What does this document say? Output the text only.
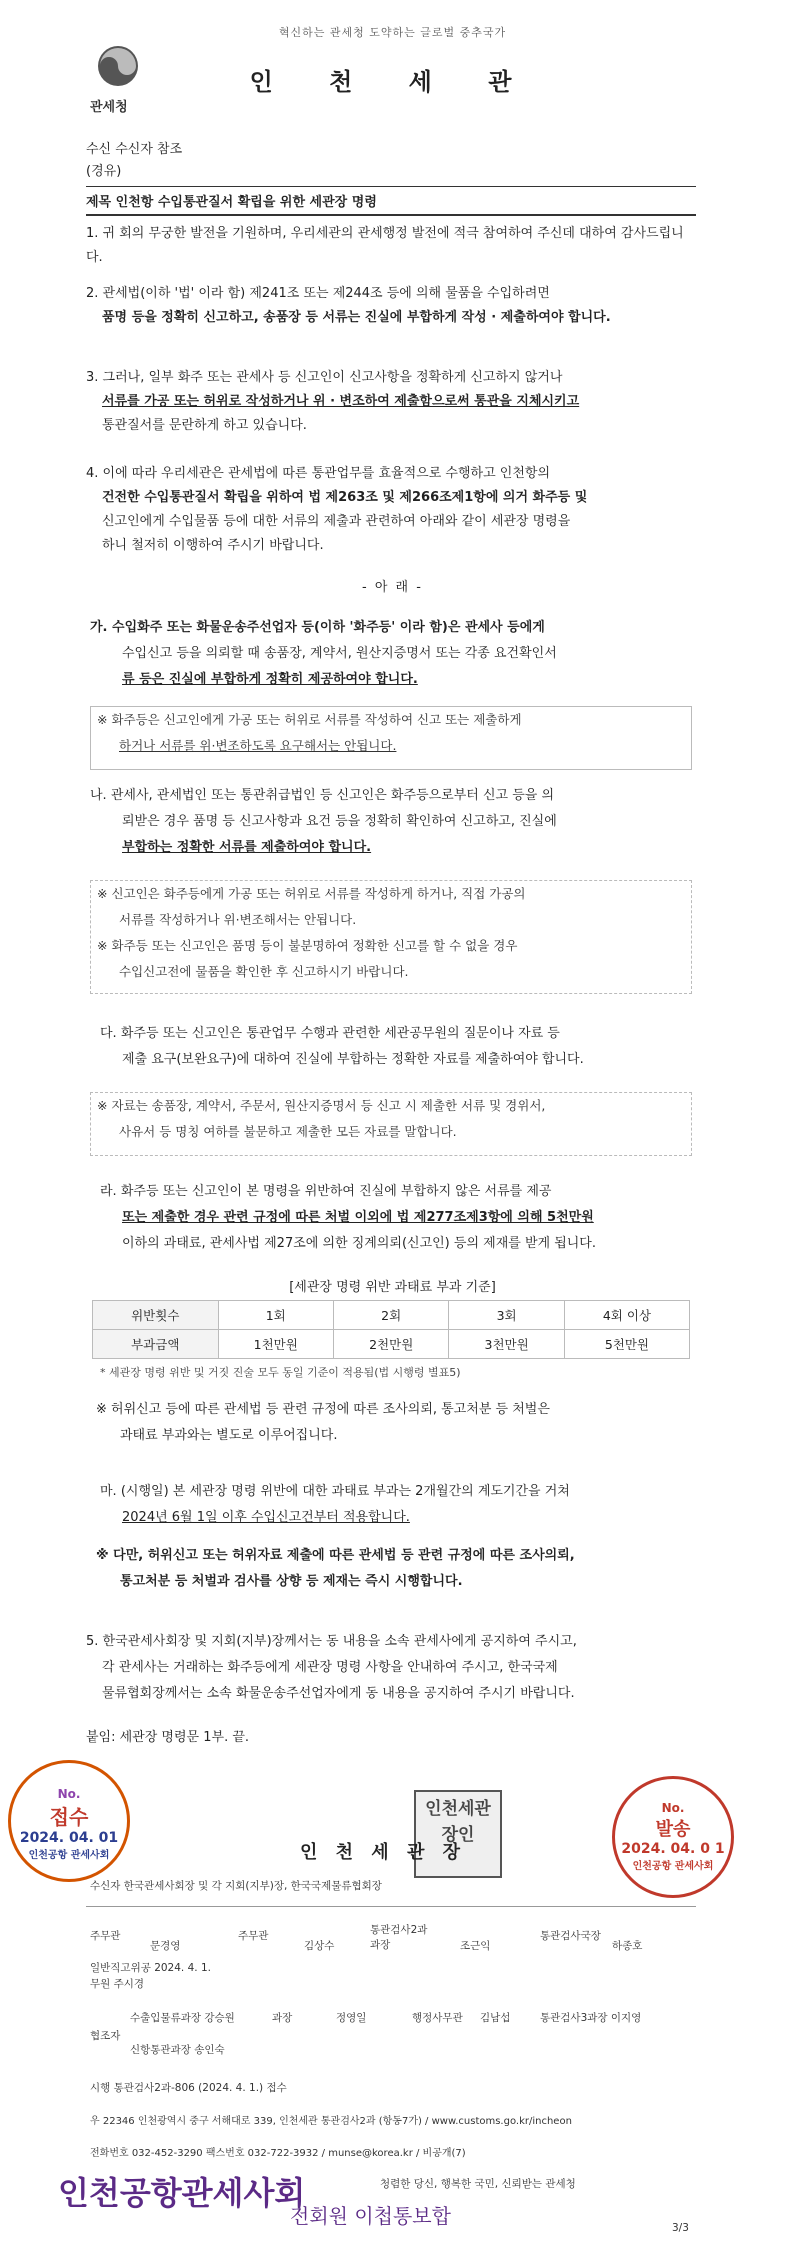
혁신하는 관세청 도약하는 글로벌 중추국가
관세청
인 천 세 관
수신 수신자 참조
(경유)
제목 인천항 수입통관질서 확립을 위한 세관장 명령
1. 귀 회의 무궁한 발전을 기원하며, 우리세관의 관세행정 발전에 적극 참여하여 주신데 대하여 감사드립니다.
2. 관세법(이하 '법' 이라 함) 제241조 또는 제244조 등에 의해 물품을 수입하려면
품명 등을 정확히 신고하고, 송품장 등 서류는 진실에 부합하게 작성 · 제출하여야 합니다.
3. 그러나, 일부 화주 또는 관세사 등 신고인이 신고사항을 정확하게 신고하지 않거나
서류를 가공 또는 허위로 작성하거나 위 · 변조하여 제출함으로써 통관을 지체시키고
통관질서를 문란하게 하고 있습니다.
4. 이에 따라 우리세관은 관세법에 따른 통관업무를 효율적으로 수행하고 인천항의
건전한 수입통관질서 확립을 위하여 법 제263조 및 제266조제1항에 의거 화주등 및
신고인에게 수입물품 등에 대한 서류의 제출과 관련하여 아래와 같이 세관장 명령을
하니 철저히 이행하여 주시기 바랍니다.
- 아 래 -
가. 수입화주 또는 화물운송주선업자 등(이하 '화주등' 이라 함)은 관세사 등에게
수입신고 등을 의뢰할 때 송품장, 계약서, 원산지증명서 또는 각종 요건확인서
류 등은 진실에 부합하게 정확히 제공하여야 합니다.
※ 화주등은 신고인에게 가공 또는 허위로 서류를 작성하여 신고 또는 제출하게
하거나 서류를 위·변조하도록 요구해서는 안됩니다.
나. 관세사, 관세법인 또는 통관취급법인 등 신고인은 화주등으로부터 신고 등을 의
뢰받은 경우 품명 등 신고사항과 요건 등을 정확히 확인하여 신고하고, 진실에
부합하는 정확한 서류를 제출하여야 합니다.
※ 신고인은 화주등에게 가공 또는 허위로 서류를 작성하게 하거나, 직접 가공의
서류를 작성하거나 위·변조해서는 안됩니다.
※ 화주등 또는 신고인은 품명 등이 불분명하여 정확한 신고를 할 수 없을 경우
수입신고전에 물품을 확인한 후 신고하시기 바랍니다.
다. 화주등 또는 신고인은 통관업무 수행과 관련한 세관공무원의 질문이나 자료 등
제출 요구(보완요구)에 대하여 진실에 부합하는 정확한 자료를 제출하여야 합니다.
※ 자료는 송품장, 계약서, 주문서, 원산지증명서 등 신고 시 제출한 서류 및 경위서,
사유서 등 명칭 여하를 불문하고 제출한 모든 자료를 말합니다.
라. 화주등 또는 신고인이 본 명령을 위반하여 진실에 부합하지 않은 서류를 제공
또는 제출한 경우 관련 규정에 따른 처벌 이외에 법 제277조제3항에 의해 5천만원
이하의 과태료, 관세사법 제27조에 의한 징계의뢰(신고인) 등의 제재를 받게 됩니다.
[세관장 명령 위반 과태료 부과 기준]
위반횟수	1회	2회	3회	4회 이상
부과금액	1천만원	2천만원	3천만원	5천만원
* 세관장 명령 위반 및 거짓 진술 모두 동일 기준이 적용됨(법 시행령 별표5)
※ 허위신고 등에 따른 관세법 등 관련 규정에 따른 조사의뢰, 통고처분 등 처벌은
과태료 부과와는 별도로 이루어집니다.
마. (시행일) 본 세관장 명령 위반에 대한 과태료 부과는 2개월간의 계도기간을 거쳐
2024년 6월 1일 이후 수입신고건부터 적용합니다.
※ 다만, 허위신고 또는 허위자료 제출에 따른 관세법 등 관련 규정에 따른 조사의뢰,
통고처분 등 처벌과 검사를 상향 등 제재는 즉시 시행합니다.
5. 한국관세사회장 및 지회(지부)장께서는 동 내용을 소속 관세사에게 공지하여 주시고,
각 관세사는 거래하는 화주등에게 세관장 명령 사항을 안내하여 주시고, 한국국제
물류협회장께서는 소속 화물운송주선업자에게 동 내용을 공지하여 주시기 바랍니다.
붙임: 세관장 명령문 1부. 끝.
No.
접수
2024. 04. 01
인천공항 관세사회
No.
발송
2024. 04. 0 1
인천공항 관세사회
인천세관장인
인 천 세 관 장
수신자 한국관세사회장 및 각 지회(지부)장, 한국국제물류협회장
주무관
문경영
주무관
김상수
통관검사2과 과장	조근익
통관검사국장
하종호
일반직고위공 2024. 4. 1.
무원 주시경
협조자
수출입물류과장 강승원	과장	정영일	행정사무관 김남섭	통관검사3과장 이지영
신항통관과장 송인숙
시행 통관검사2과-806 (2024. 4. 1.) 접수
우 22346 인천광역시 중구 서해대로 339, 인천세관 통관검사2과 (항동7가) / www.customs.go.kr/incheon
전화번호 032-452-3290 팩스번호 032-722-3932 / munse@korea.kr / 비공개(7)
인천공항관세사회	청렴한 당신, 행복한 국민, 신뢰받는 관세청
전회원 이첩통보합	3/3
